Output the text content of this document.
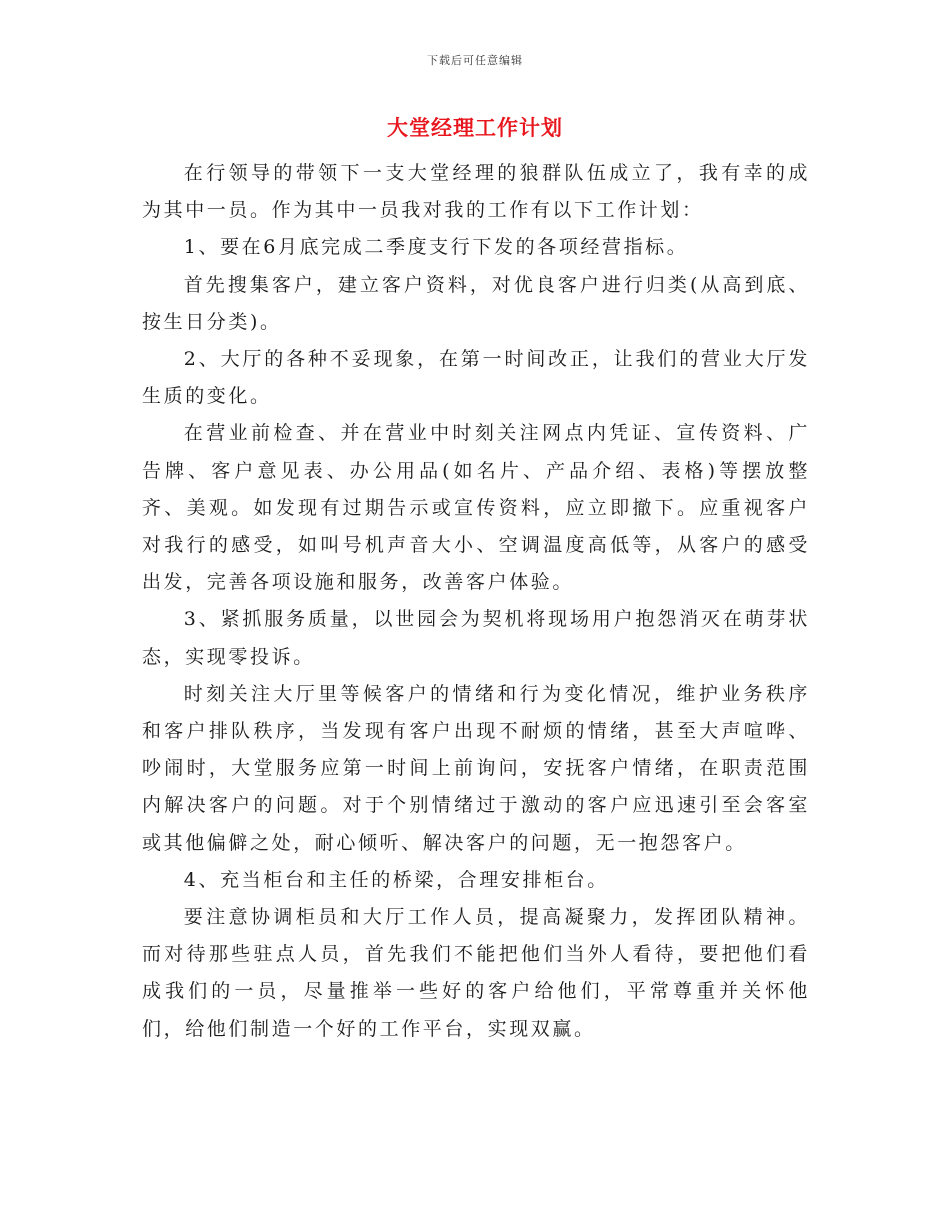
下载后可任意编辑
大堂经理工作计划

在行领导的带领下一支大堂经理的狼群队伍成立了，我有幸的成为其中一员。作为其中一员我对我的工作有以下工作计划：

1、要在6月底完成二季度支行下发的各项经营指标。

首先搜集客户，建立客户资料，对优良客户进行归类(从高到底、按生日分类)。

2、大厅的各种不妥现象，在第一时间改正，让我们的营业大厅发生质的变化。

在营业前检查、并在营业中时刻关注网点内凭证、宣传资料、广告牌、客户意见表、办公用品(如名片、产品介绍、表格)等摆放整齐、美观。如发现有过期告示或宣传资料，应立即撤下。应重视客户对我行的感受，如叫号机声音大小、空调温度高低等，从客户的感受出发，完善各项设施和服务，改善客户体验。

3、紧抓服务质量，以世园会为契机将现场用户抱怨消灭在萌芽状态，实现零投诉。

时刻关注大厅里等候客户的情绪和行为变化情况，维护业务秩序和客户排队秩序，当发现有客户出现不耐烦的情绪，甚至大声喧哗、吵闹时，大堂服务应第一时间上前询问，安抚客户情绪，在职责范围内解决客户的问题。对于个别情绪过于激动的客户应迅速引至会客室或其他偏僻之处，耐心倾听、解决客户的问题，无一抱怨客户。

4、充当柜台和主任的桥梁，合理安排柜台。

要注意协调柜员和大厅工作人员，提高凝聚力，发挥团队精神。而对待那些驻点人员，首先我们不能把他们当外人看待，要把他们看成我们的一员，尽量推举一些好的客户给他们，平常尊重并关怀他们，给他们制造一个好的工作平台，实现双赢。
